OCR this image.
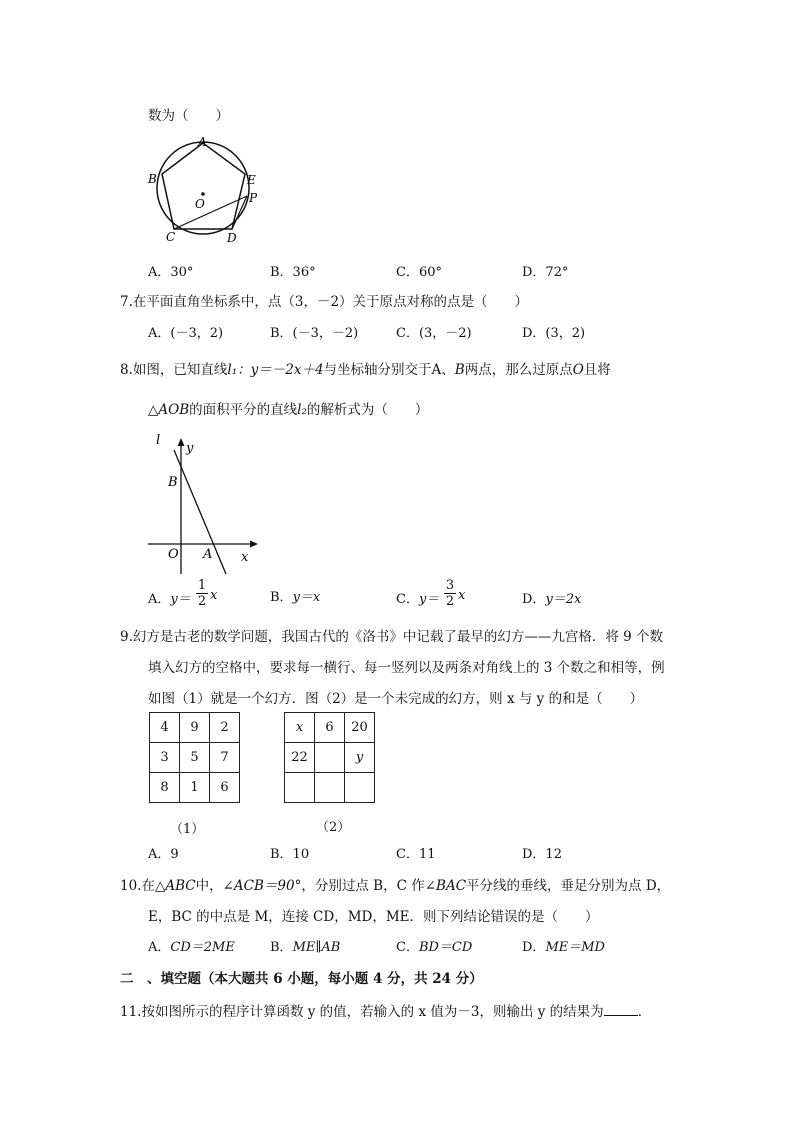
数为（　　）
A
B	E
P
O
C	D
A．30°	B．36°	C．60°	D．72°
7.在平面直角坐标系中，点（3，－2）关于原点对称的点是（　　）
A．(－3，2)	B．(－3，－2)	C．(3，－2)	D．(3，2)
8.如图，已知直线l₁：y＝－2x＋4与坐标轴分别交于A、B两点，那么过原点O且将
△AOB的面积平分的直线l₂的解析式为（　　）
l
y
B
O A x
A．$y= \frac{1}{2}$ x	B．y＝x	C．$y= \frac{3}{2}$ x	D．y＝2x
9.幻方是古老的数学问题，我国古代的《洛书》中记载了最早的幻方——九宫格．将 9 个数
填入幻方的空格中，要求每一横行、每一竖列以及两条对角线上的 3 个数之和相等，例
如图（1）就是一个幻方．图（2）是一个未完成的幻方，则 x 与 y 的和是（　　）
4	9	2
3	5	7
8	1	6
x	6	20
22		y

（1）	（2）
A．9	B．10	C．11	D．12
10.在△ABC中，∠ACB＝90°，分别过点 B，C 作∠BAC平分线的垂线，垂足分别为点 D，
E，BC 的中点是 M，连接 CD，MD，ME．则下列结论错误的是（　　）
A．CD＝2ME	B．ME∥AB	C．BD＝CD	D．ME＝MD
二　、填空题（本大题共 6 小题，每小题 4 分，共 24 分）
11.按如图所示的程序计算函数 y 的值，若输入的 x 值为－3，则输出 y 的结果为	．
